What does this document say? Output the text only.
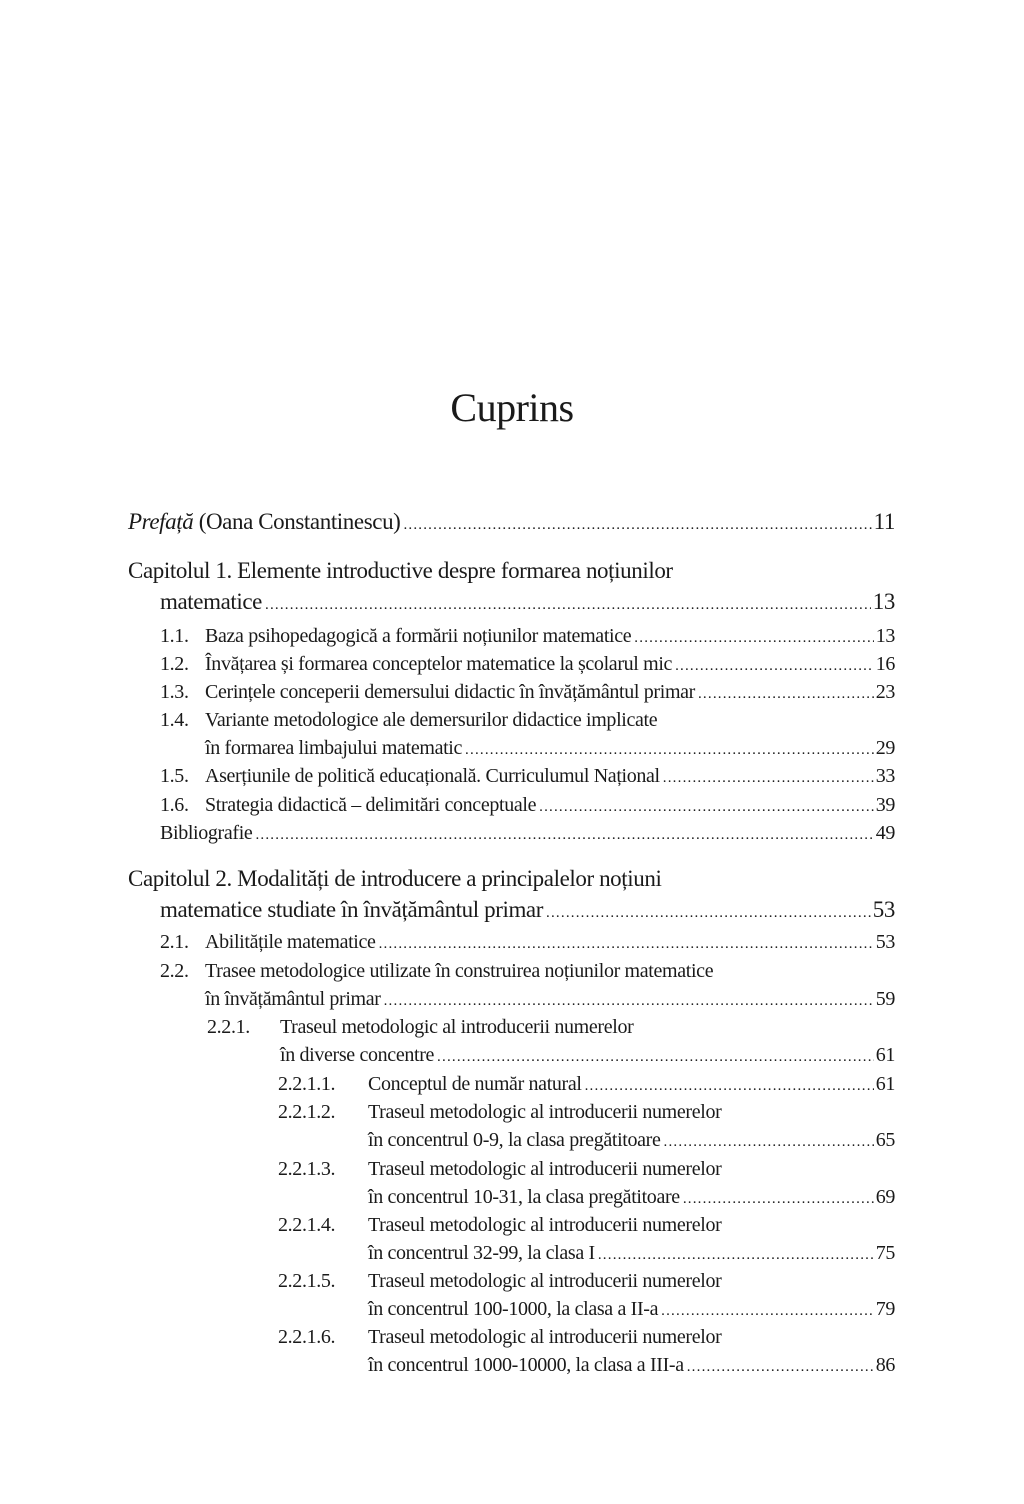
Cuprins
Prefață (Oana Constantinescu) .....	11
Capitolul 1. Elemente introductive despre formarea noțiunilor
matematice .....	13
1.1. Baza psihopedagogică a formării noțiunilor matematice .....	13
1.2. Învățarea și formarea conceptelor matematice la școlarul mic .....	16
1.3. Cerințele conceperii demersului didactic în învățământul primar .....	23
1.4. Variante metodologice ale demersurilor didactice implicate
în formarea limbajului matematic .....	29
1.5. Aserțiunile de politică educațională. Curriculumul Național .....	33
1.6. Strategia didactică – delimitări conceptuale .....	39
Bibliografie .....	49
Capitolul 2. Modalități de introducere a principalelor noțiuni
matematice studiate în învățământul primar .....	53
2.1. Abilitățile matematice .....	53
2.2. Trasee metodologice utilizate în construirea noțiunilor matematice
în învățământul primar .....	59
2.2.1. Traseul metodologic al introducerii numerelor
în diverse concentre .....	61
2.2.1.1. Conceptul de număr natural .....	61
2.2.1.2. Traseul metodologic al introducerii numerelor
în concentrul 0-9, la clasa pregătitoare .....	65
2.2.1.3. Traseul metodologic al introducerii numerelor
în concentrul 10-31, la clasa pregătitoare .....	69
2.2.1.4. Traseul metodologic al introducerii numerelor
în concentrul 32-99, la clasa I .....	75
2.2.1.5. Traseul metodologic al introducerii numerelor
în concentrul 100-1000, la clasa a II-a .....	79
2.2.1.6. Traseul metodologic al introducerii numerelor
în concentrul 1000-10000, la clasa a III-a .....	86
